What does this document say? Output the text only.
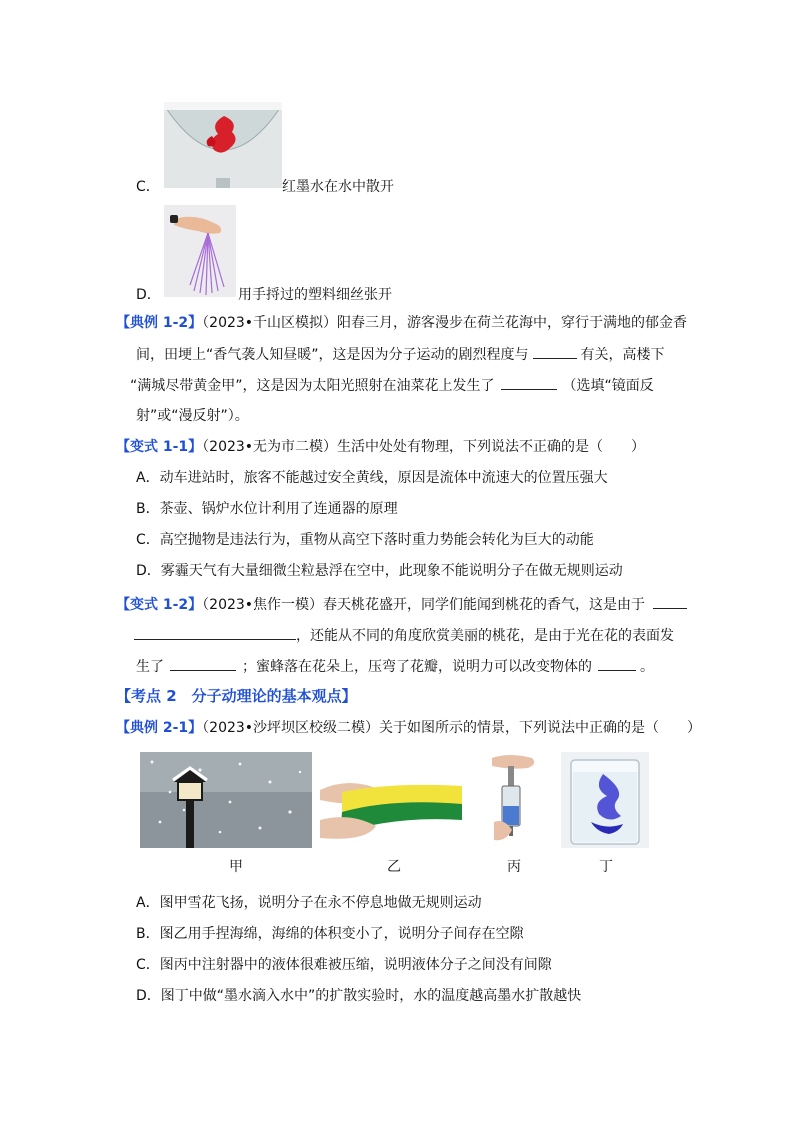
C．	红墨水在水中散开
D．	用手捋过的塑料细丝张开
【典例 1-2】（2023•千山区模拟）阳春三月，游客漫步在荷兰花海中，穿行于满地的郁金香
间，田埂上“香气袭人知昼暖”，这是因为分子运动的剧烈程度与	有关，高楼下
“满城尽带黄金甲”，这是因为太阳光照射在油菜花上发生了	（选填“镜面反
射”或“漫反射”）。
【变式 1-1】（2023•无为市二模）生活中处处有物理，下列说法不正确的是（　　）
A．动车进站时，旅客不能越过安全黄线，原因是流体中流速大的位置压强大
B．茶壶、锅炉水位计利用了连通器的原理
C．高空抛物是违法行为，重物从高空下落时重力势能会转化为巨大的动能
D．雾霾天气有大量细微尘粒悬浮在空中，此现象不能说明分子在做无规则运动
【变式 1-2】（2023•焦作一模）春天桃花盛开，同学们能闻到桃花的香气，这是由于
，还能从不同的角度欣赏美丽的桃花，是由于光在花的表面发
生了	；蜜蜂落在花朵上，压弯了花瓣，说明力可以改变物体的	。
【考点 2　分子动理论的基本观点】
【典例 2-1】（2023•沙坪坝区校级二模）关于如图所示的情景，下列说法中正确的是（　　）
甲	乙	丙	丁
A．图甲雪花飞扬，说明分子在永不停息地做无规则运动
B．图乙用手捏海绵，海绵的体积变小了，说明分子间存在空隙
C．图丙中注射器中的液体很难被压缩，说明液体分子之间没有间隙
D．图丁中做“墨水滴入水中”的扩散实验时，水的温度越高墨水扩散越快
